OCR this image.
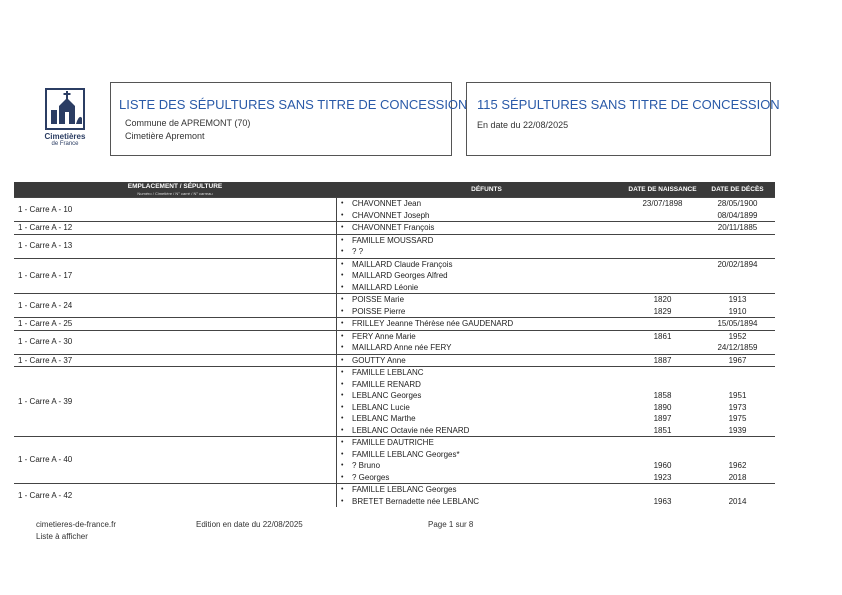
Cimetières
de France
LISTE DES SÉPULTURES SANS TITRE DE CONCESSION
Commune de APREMONT (70)
Cimetière Apremont
115 SÉPULTURES SANS TITRE DE CONCESSION
En date du 22/08/2025
EMPLACEMENT / SÉPULTURE
Numéro / Cimetière / N° carré / N° carreau		DÉFUNTS	DATE DE NAISSANCE	DATE DE DÉCÈS
1 - Carre A - 10	•	CHAVONNET Jean	23/07/1898	28/05/1900
	•	CHAVONNET Joseph		08/04/1899
1 - Carre A - 12	•	CHAVONNET François		20/11/1885
1 - Carre A - 13	•	FAMILLE MOUSSARD		
	•	? ?		
1 - Carre A - 17	•	MAILLARD Claude François		20/02/1894
	•	MAILLARD Georges Alfred		
	•	MAILLARD Léonie		
1 - Carre A - 24	•	POISSE Marie	1820	1913
	•	POISSE Pierre	1829	1910
1 - Carre A - 25	•	FRILLEY Jeanne Thérèse née GAUDENARD		15/05/1894
1 - Carre A - 30	•	FERY Anne Marie	1861	1952
	•	MAILLARD Anne née FERY		24/12/1859
1 - Carre A - 37	•	GOUTTY Anne	1887	1967
1 - Carre A - 39	•	FAMILLE LEBLANC		
	•	FAMILLE RENARD		
	•	LEBLANC Georges	1858	1951
	•	LEBLANC Lucie	1890	1973
	•	LEBLANC Marthe	1897	1975
	•	LEBLANC Octavie née RENARD	1851	1939
1 - Carre A - 40	•	FAMILLE DAUTRICHE		
	•	FAMILLE LEBLANC Georges*		
	•	? Bruno	1960	1962
	•	? Georges	1923	2018
1 - Carre A - 42	•	FAMILLE LEBLANC Georges		
	•	BRETET Bernadette née LEBLANC	1963	2014
cimetieres-de-france.fr
Liste à afficher
Edition en date du 22/08/2025	Page 1 sur 8
